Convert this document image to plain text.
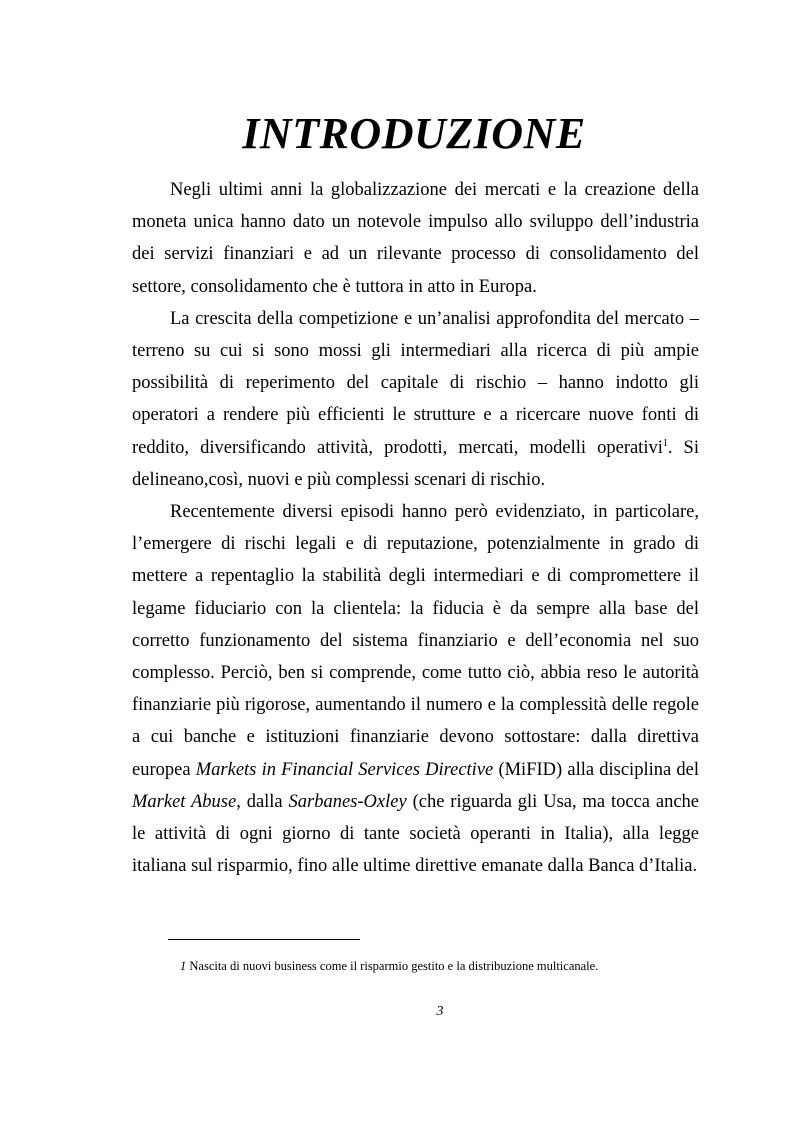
INTRODUZIONE

Negli ultimi anni la globalizzazione dei mercati e la creazione della moneta unica hanno dato un notevole impulso allo sviluppo dell’industria dei servizi finanziari e ad un rilevante processo di consolidamento del settore, consolidamento che è tuttora in atto in Europa.

La crescita della competizione e un’analisi approfondita del mercato – terreno su cui si sono mossi gli intermediari alla ricerca di più ampie possibilità di reperimento del capitale di rischio – hanno indotto gli operatori a rendere più efficienti le strutture e a ricercare nuove fonti di reddito, diversificando attività, prodotti, mercati, modelli operativi$^1$. Si delineano,così, nuovi e più complessi scenari di rischio.

Recentemente diversi episodi hanno però evidenziato, in particolare, l’emergere di rischi legali e di reputazione, potenzialmente in grado di mettere a repentaglio la stabilità degli intermediari e di compromettere il legame fiduciario con la clientela: la fiducia è da sempre alla base del corretto funzionamento del sistema finanziario e dell’economia nel suo complesso. Perciò, ben si comprende, come tutto ciò, abbia reso le autorità finanziarie più rigorose, aumentando il numero e la complessità delle regole a cui banche e istituzioni finanziarie devono sottostare: dalla direttiva europea Markets in Financial Services Directive (MiFID) alla disciplina del Market Abuse, dalla Sarbanes-Oxley (che riguarda gli Usa, ma tocca anche le attività di ogni giorno di tante società operanti in Italia), alla legge italiana sul risparmio, fino alle ultime direttive emanate dalla Banca d’Italia.

1 Nascita di nuovi business come il risparmio gestito e la distribuzione multicanale.
3
